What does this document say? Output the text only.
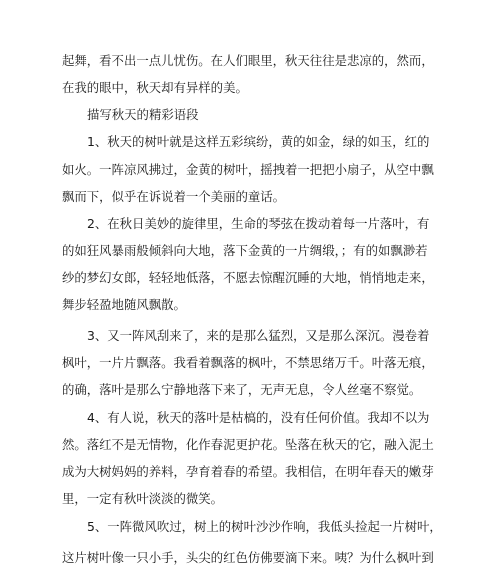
起舞，看不出一点儿忧伤。在人们眼里，秋天往往是悲凉的，然而，
在我的眼中，秋天却有异样的美。
描写秋天的精彩语段
1、秋天的树叶就是这样五彩缤纷，黄的如金，绿的如玉，红的
如火。一阵凉风拂过，金黄的树叶，摇拽着一把把小扇子，从空中飘
飘而下，似乎在诉说着一个美丽的童话。
2、在秋日美妙的旋律里，生命的琴弦在拨动着每一片落叶，有
的如狂风暴雨般倾斜向大地，落下金黄的一片绸缎，；有的如飘渺若
纱的梦幻女郎，轻轻地低落，不愿去惊醒沉睡的大地，悄悄地走来，
舞步轻盈地随风飘散。
3、又一阵风刮来了，来的是那么猛烈，又是那么深沉。漫卷着
枫叶，一片片飘落。我看着飘落的枫叶，不禁思绪万千。叶落无痕，
的确，落叶是那么宁静地落下来了，无声无息，令人丝毫不察觉。
4、有人说，秋天的落叶是枯槁的，没有任何价值。我却不以为
然。落红不是无情物，化作春泥更护花。坠落在秋天的它，融入泥土
成为大树妈妈的养料，孕育着春的希望。我相信，在明年春天的嫩芽
里，一定有秋叶淡淡的微笑。
5、一阵微风吹过，树上的树叶沙沙作响，我低头捡起一片树叶，
这片树叶像一只小手，头尖的红色仿佛要滴下来。咦？为什么枫叶到
